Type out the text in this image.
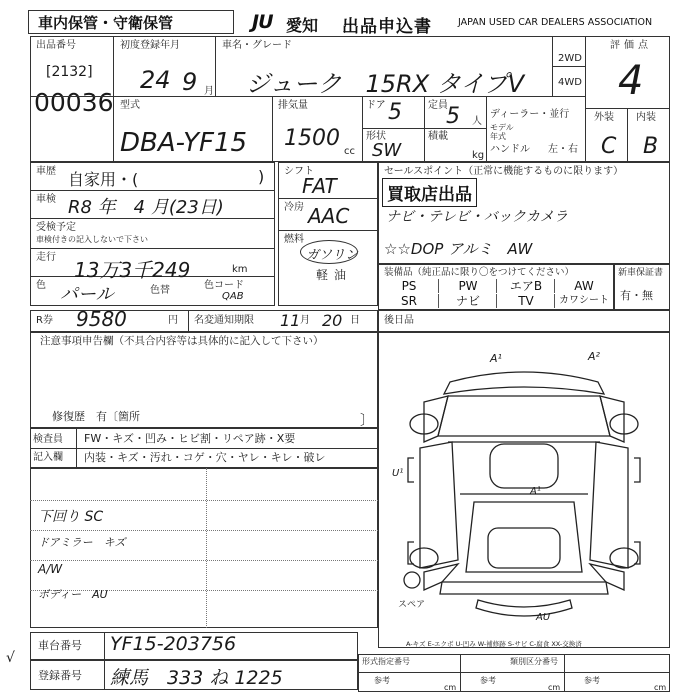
車内保管・守衛保管	JU 愛知 出品申込書	JAPAN USED CAR DEALERS ASSOCIATION
出品番号
[2132]
00036
初度登録年月
24 9 月
車名・グレード
ジューク　15RX タイプV
2WD
4WD
評価点
4
外装 内装
C B
型式
DBA-YF15
排気量
1500
cc
ドア 5	定員
5 人
形状
SW
積載
kg
ディーラー・並行
モデル
年式
ハンドル 左・右
車歴 自家用・(	)
車検 R8 年　4 月(23日)
受検予定
車検付きの記入しないで下さい
走行
13万3千249	km
色 パール	色替	色コード
QAB
シフト
FAT
冷房 AAC
燃料
ガソリン
軽油
セールスポイント（正常に機能するものに限ります）
買取店出品
ナビ・テレビ・バックカメラ
☆☆DOP アルミ　AW
装備品（純正品に限り〇をつけてください）
PS	PW	エアB	AW
SR	ナビ	TV	カワシート
新車保証書
有・無
R券 9580	円 名変通知期限 11 月 20 日 後日品
注意事項申告欄（不具合内容等は具体的に記入して下さい）
修復歴　有〔箇所	〕
検査員
記入欄
FW・キズ・凹み・ヒビ割・リペア跡・X要
内装・キズ・汚れ・コゲ・穴・ヤレ・キレ・破レ
下回り SC
ドアミラー　キズ
A/W
ボディー　AU
A¹	A²
U¹
A¹
AU
スペア
A-キズ E-エクボ U-凹み W-補修跡 S-サビ C-腐食 XX-交換済
車台番号 YF15-203756
登録番号 練馬　333 ね 1225
√	形式指定番号	類別区分番号
参考	参考	参考
cm	cm	cm
